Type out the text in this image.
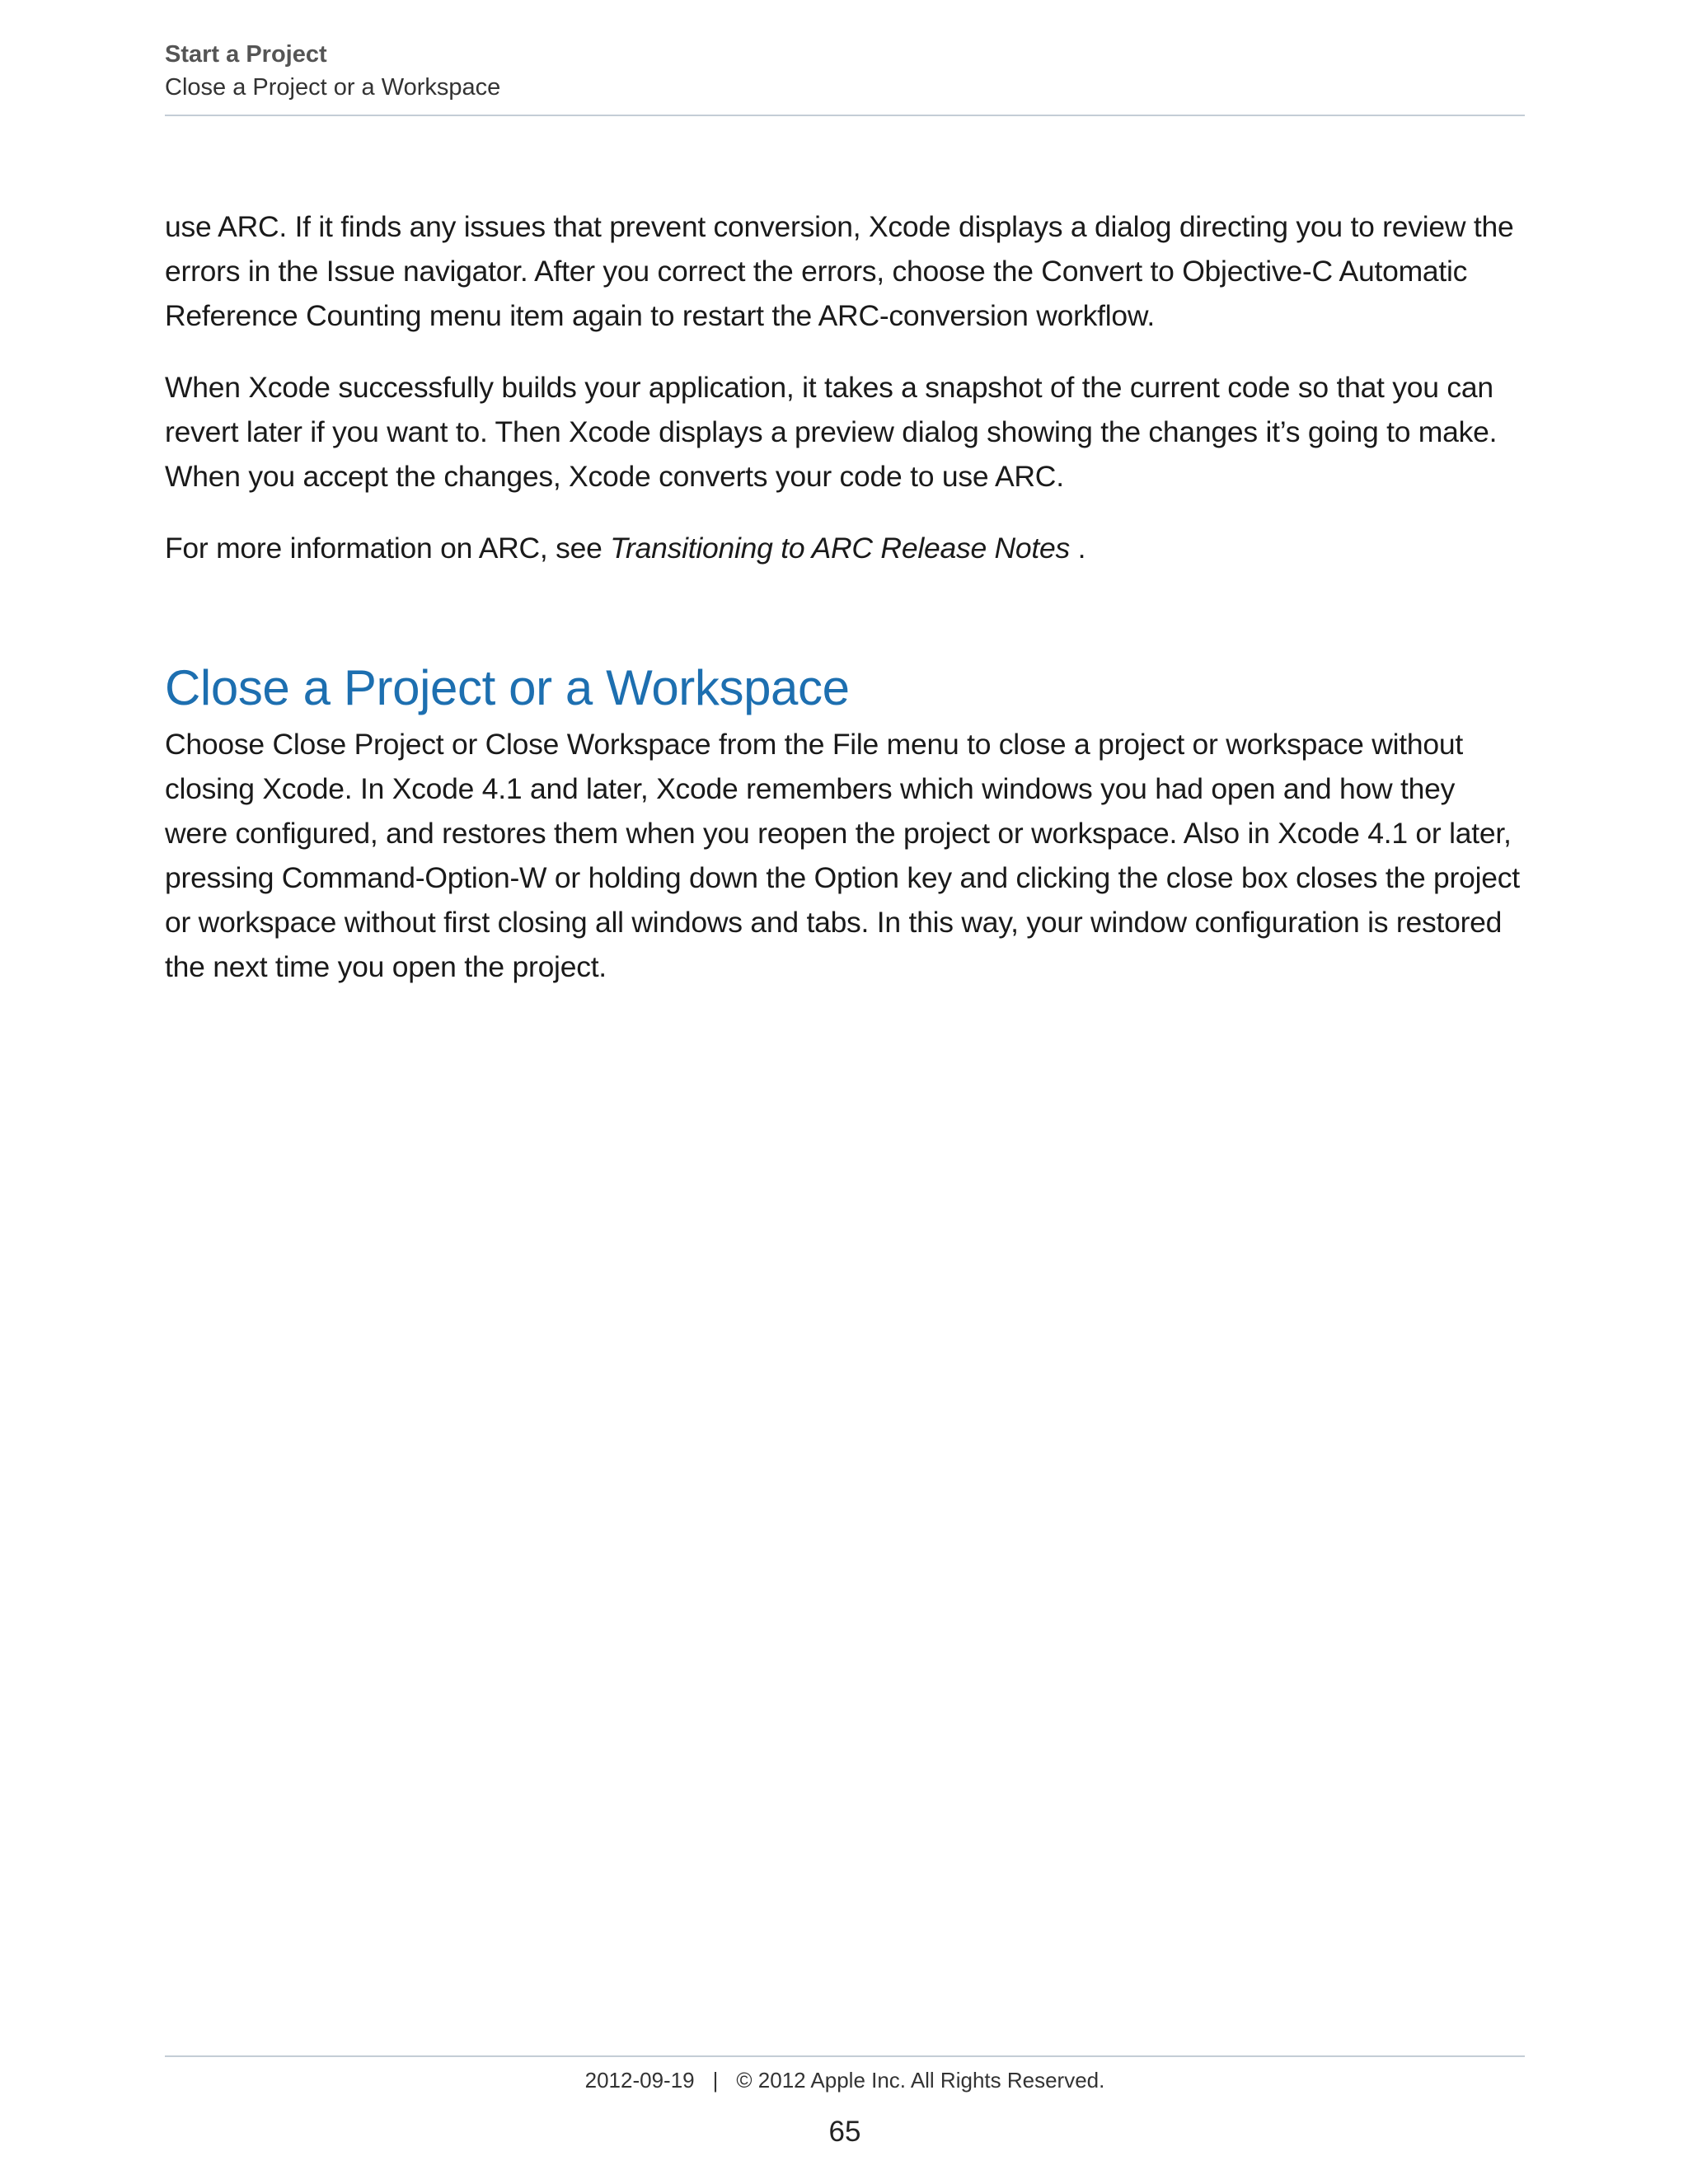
Start a Project

Close a Project or a Workspace

use ARC. If it finds any issues that prevent conversion, Xcode displays a dialog directing you to review the errors in the Issue navigator. After you correct the errors, choose the Convert to Objective-C Automatic Reference Counting menu item again to restart the ARC-conversion workflow.

When Xcode successfully builds your application, it takes a snapshot of the current code so that you can revert later if you want to. Then Xcode displays a preview dialog showing the changes it’s going to make. When you accept the changes, Xcode converts your code to use ARC.

For more information on ARC, see Transitioning to ARC Release Notes .

Close a Project or a Workspace

Choose Close Project or Close Workspace from the File menu to close a project or workspace without closing Xcode. In Xcode 4.1 and later, Xcode remembers which windows you had open and how they were configured, and restores them when you reopen the project or workspace. Also in Xcode 4.1 or later, pressing Command-Option-W or holding down the Option key and clicking the close box closes the project or workspace without first closing all windows and tabs. In this way, your window configuration is restored the next time you open the project.

2012-09-19 | © 2012 Apple Inc. All Rights Reserved.

65
